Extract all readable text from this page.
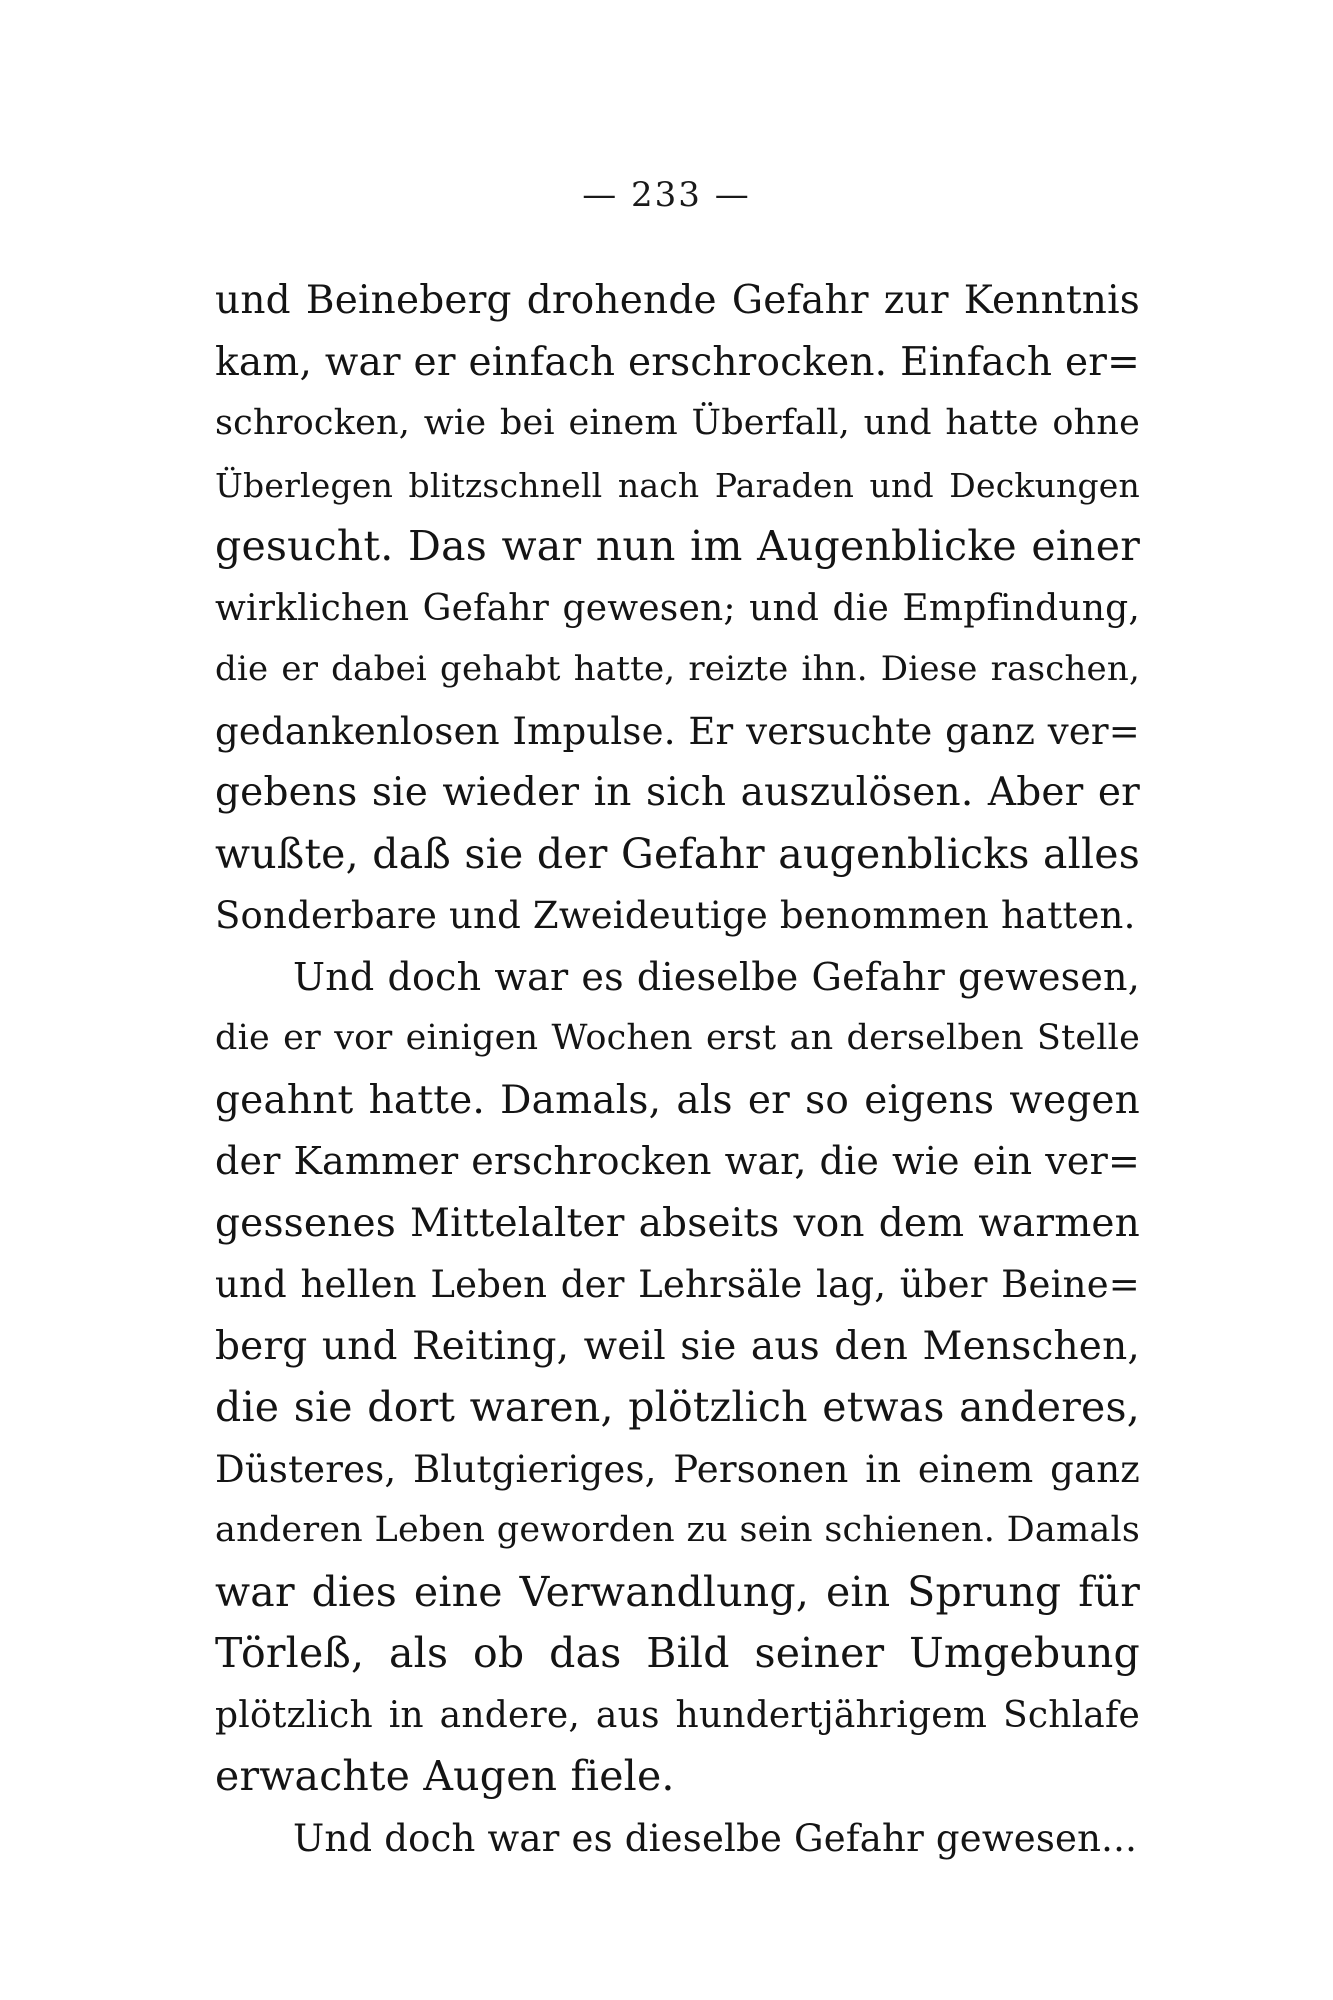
— 233 —
und Beineberg drohende Gefahr zur Kenntnis
kam, war er einfach erschrocken. Einfach er=
schrocken, wie bei einem Überfall, und hatte ohne
Überlegen blitzschnell nach Paraden und Deckungen
gesucht. Das war nun im Augenblicke einer
wirklichen Gefahr gewesen; und die Empfindung,
die er dabei gehabt hatte, reizte ihn. Diese raschen,
gedankenlosen Impulse. Er versuchte ganz ver=
gebens sie wieder in sich auszulösen. Aber er
wußte, daß sie der Gefahr augenblicks alles
Sonderbare und Zweideutige benommen hatten.
Und doch war es dieselbe Gefahr gewesen,
die er vor einigen Wochen erst an derselben Stelle
geahnt hatte. Damals, als er so eigens wegen
der Kammer erschrocken war, die wie ein ver=
gessenes Mittelalter abseits von dem warmen
und hellen Leben der Lehrsäle lag, über Beine=
berg und Reiting, weil sie aus den Menschen,
die sie dort waren, plötzlich etwas anderes,
Düsteres, Blutgieriges, Personen in einem ganz
anderen Leben geworden zu sein schienen. Damals
war dies eine Verwandlung, ein Sprung für
Törleß, als ob das Bild seiner Umgebung
plötzlich in andere, aus hundertjährigem Schlafe
erwachte Augen fiele.
Und doch war es dieselbe Gefahr gewesen...
